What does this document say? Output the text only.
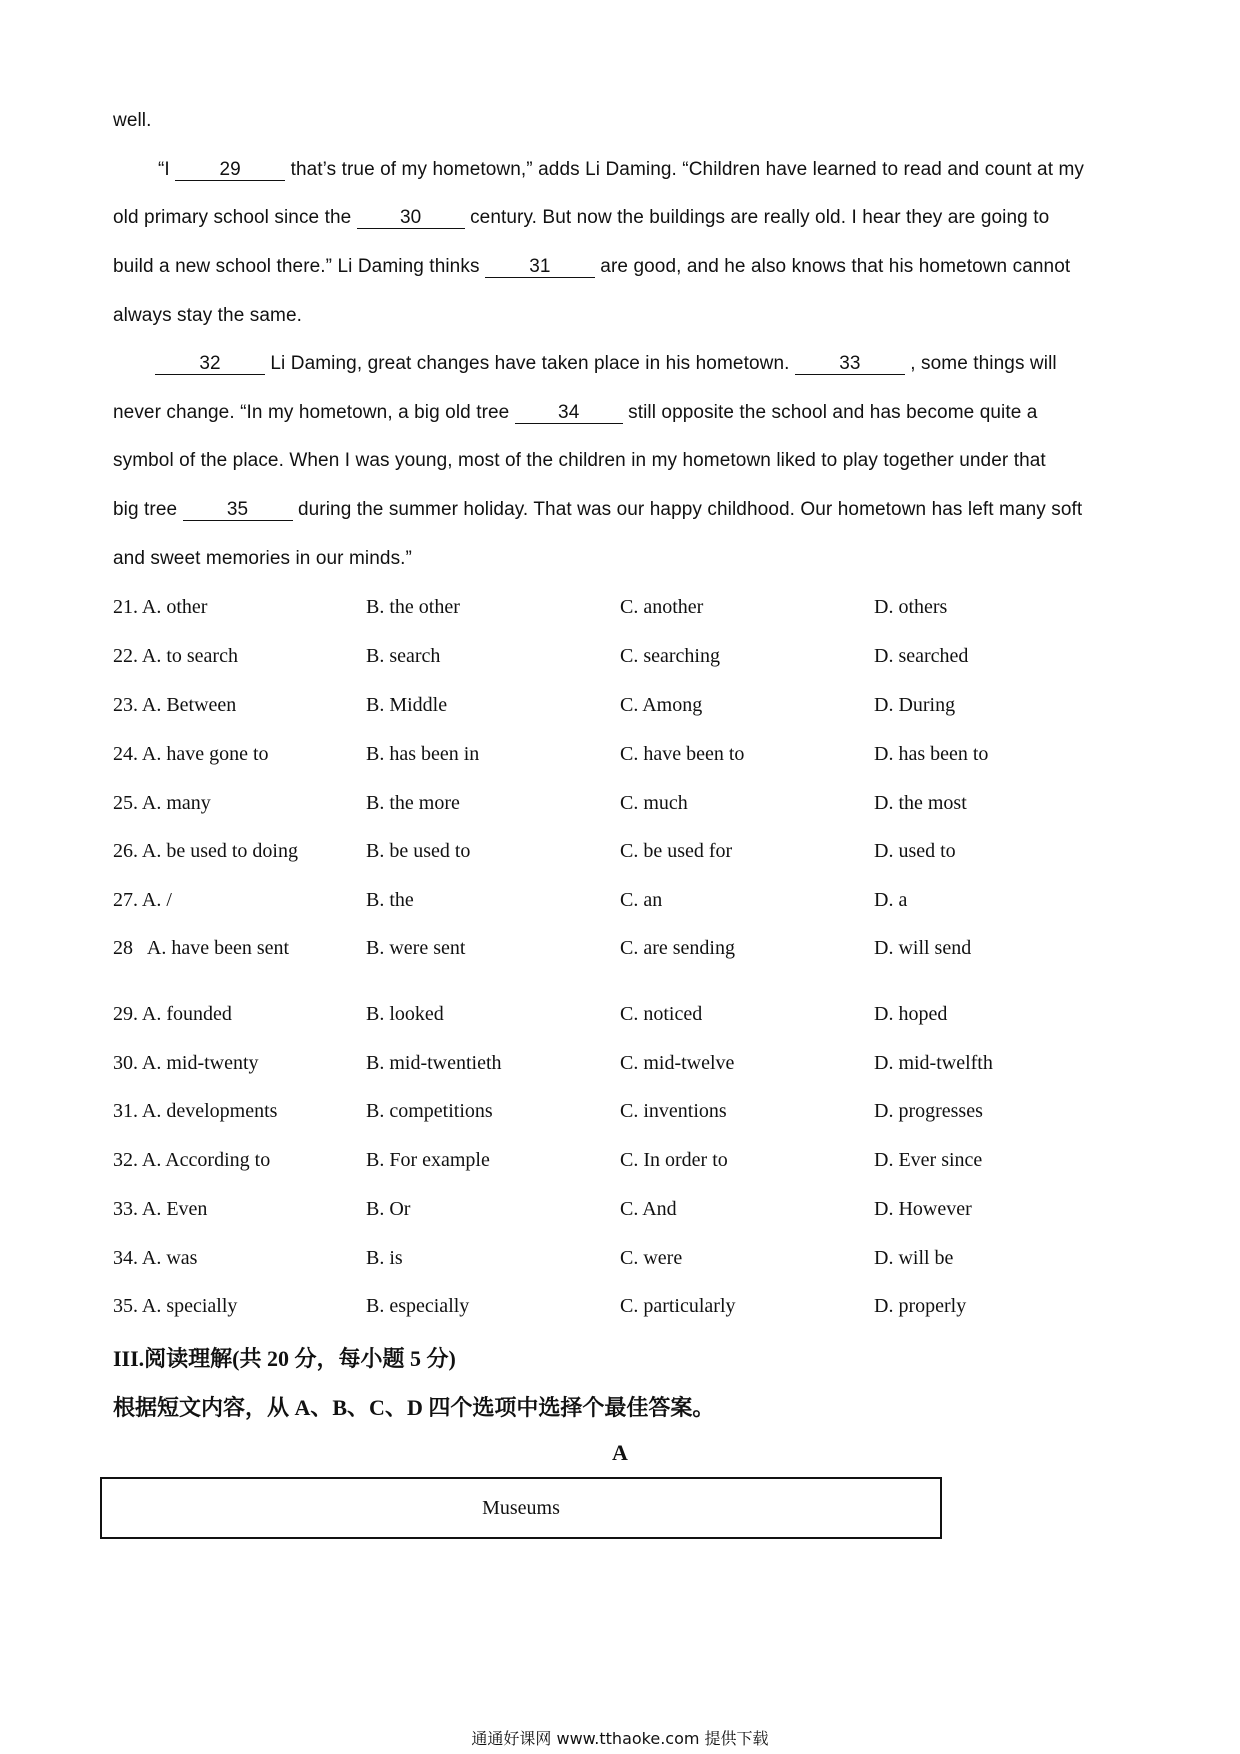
well.
“I 29 that’s true of my hometown,” adds Li Daming. “Children have learned to read and count at my
old primary school since the 30 century. But now the buildings are really old. I hear they are going to
build a new school there.” Li Daming thinks 31 are good, and he also knows that his hometown cannot
always stay the same.
32 Li Daming, great changes have taken place in his hometown. 33 , some things will
never change. “In my hometown, a big old tree 34 still opposite the school and has become quite a
symbol of the place. When I was young, most of the children in my hometown liked to play together under that
big tree 35 during the summer holiday. That was our happy childhood. Our hometown has left many soft
and sweet memories in our minds.”
21. A. other	B. the other	C. another	D. others
22. A. to search	B. search	C. searching	D. searched
23. A. Between	B. Middle	C. Among	D. During
24. A. have gone to	B. has been in	C. have been to	D. has been to
25. A. many	B. the more	C. much	D. the most
26. A. be used to doing	B. be used to	C. be used for	D. used to
27. A. /	B. the	C. an	D. a
28   A. have been sent	B. were sent	C. are sending	D. will send
29. A. founded	B. looked	C. noticed	D. hoped
30. A. mid-twenty	B. mid-twentieth	C. mid-twelve	D. mid-twelfth
31. A. developments	B. competitions	C. inventions	D. progresses
32. A. According to	B. For example	C. In order to	D. Ever since
33. A. Even	B. Or	C. And	D. However
34. A. was	B. is	C. were	D. will be
35. A. specially	B. especially	C. particularly	D. properly
III.阅读理解(共 20 分，每小题 5 分)
根据短文内容，从 A、B、C、D 四个选项中选择个最佳答案。
A
Museums
通通好课网 www.tthaoke.com 提供下载
